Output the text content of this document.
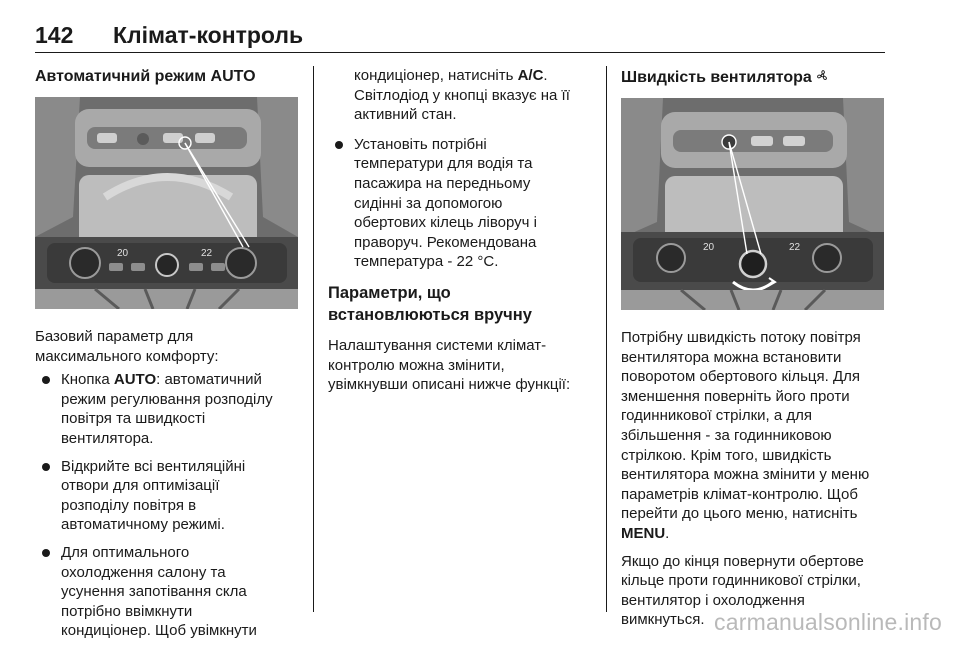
142 Клімат-контроль
Автоматичний режим AUTO
20	22

Базовий параметр для

максимального комфорту:

Кнопка AUTO: автоматичний
режим регулювання розподілу
повітря та швидкості
вентилятора.
Відкрийте всі вентиляційні
отвори для оптимізації
розподілу повітря в
автоматичному режимі.
Для оптимального
охолодження салону та
усунення запотівання скла
потрібно ввімкнути
кондиціонер. Щоб увімкнути

кондиціонер, натисніть A/C.
Світлодіод у кнопці вказує на її
активний стан.

Установіть потрібні
температури для водія та
пасажира на передньому
сидінні за допомогою
обертових кілець ліворуч і
праворуч. Рекомендована
температура - 22 °C.
Параметри, що
встановлюються вручну

Налаштування системи клімат-
контролю можна змінити,
увімкнувши описані нижче функції:

Швидкість вентилятора
20	22

Потрібну швидкість потоку повітря
вентилятора можна встановити
поворотом обертового кільця. Для
зменшення поверніть його проти
годинникової стрілки, а для
збільшення - за годинниковою
стрілкою. Крім того, швидкість
вентилятора можна змінити у меню
параметрів клімат-контролю. Щоб
перейти до цього меню, натисніть
MENU.

Якщо до кінця повернути обертове
кільце проти годинникової стрілки,
вентилятор і охолодження
вимкнуться. carmanualsonline.info
